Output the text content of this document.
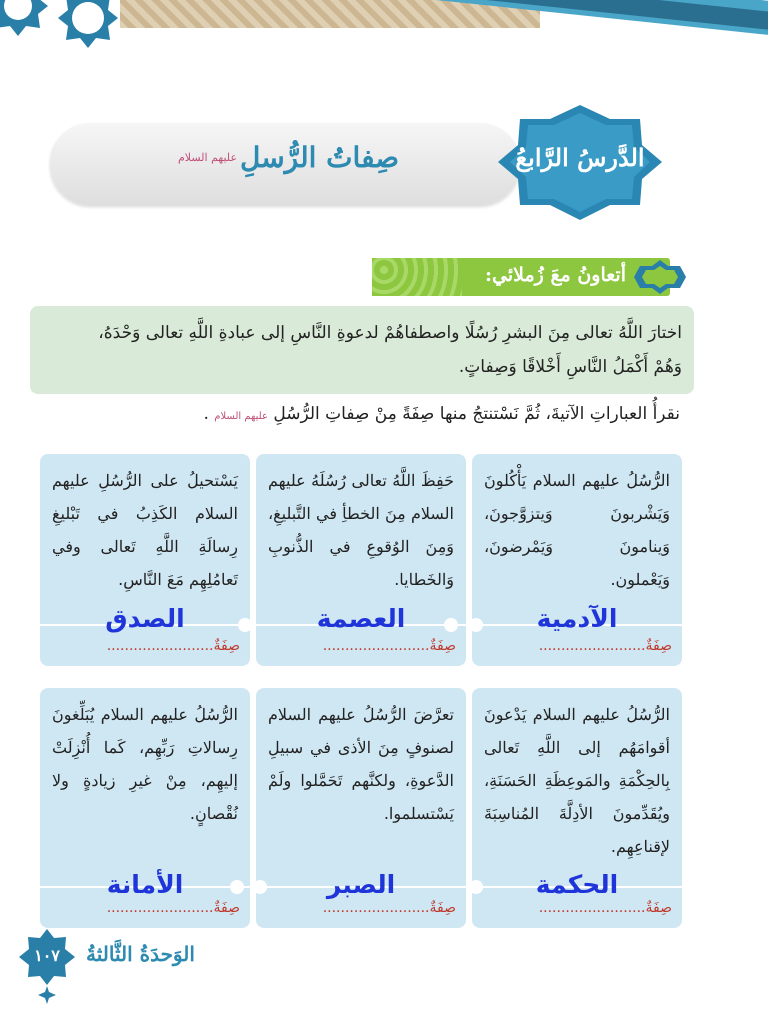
صِفاتُ الرُّسلِ
عليهم السلام	الدَّرسُ الرَّابعُ
أتعاونُ معَ زُملائي:
اختارَ اللَّهُ تعالى مِنَ البشرِ رُسُلًا واصطفاهُمْ لدعوةِ النَّاسِ إلى عبادةِ اللَّهِ تعالى وَحْدَهُ،
وَهُمْ أَكْمَلُ النَّاسِ أَخْلاقًا وَصِفاتٍ.
نقرأُ العباراتِ الآتيةَ، ثُمَّ نَسْتنتجُ منها صِفَةً مِنْ صِفاتِ الرُّسُلِ عليهم السلام .
الرُّسُلُ عليهم السلام يَأْكُلونَ وَيَشْربونَ وَيتزوَّجونَ، وَينامونَ وَيَمْرضونَ، وَيَعْملون.
الآدمية
صِفَةٌ........................
حَفِظَ اللَّهُ تعالى رُسُلَهُ عليهم السلام مِنَ الخطأِ في التَّبليغِ، وَمِنَ الوُقوعِ في الذُّنوبِ وَالخَطايا.
العصمة
صِفَةٌ........................
يَسْتحيلُ على الرُّسُلِ عليهم السلام الكَذِبُ في تَبْليغِ رِسالَةِ اللَّهِ تَعالى وفي تَعامُلِهِم مَعَ النَّاسِ.
الصدق
صِفَةٌ........................
الرُّسُلُ عليهم السلام يَدْعونَ أقوامَهُم إلى اللَّهِ تَعالى بِالحِكْمَةِ والمَوعِظَةِ الحَسَنَةِ، ويُقَدِّمونَ الأدِلَّةَ المُناسِبَةَ لإقناعِهِم.
الحكمة
صِفَةٌ........................
تعرَّضَ الرُّسُلُ عليهم السلام لصنوفٍ مِنَ الأذى في سبيلِ الدَّعوةِ، ولكنَّهم تَحَمَّلوا ولَمْ يَسْتسلموا.
الصبر
صِفَةٌ........................
الرُّسُلُ عليهم السلام يُبَلِّغونَ رِسالاتِ رَبِّهِم، كَما أُنْزِلَتْ إليهِم، مِنْ غيرِ زيادةٍ ولا نُقْصانٍ.
الأمانة
صِفَةٌ........................
١٠٧	الوَحدَةُ الثَّالثةُ
